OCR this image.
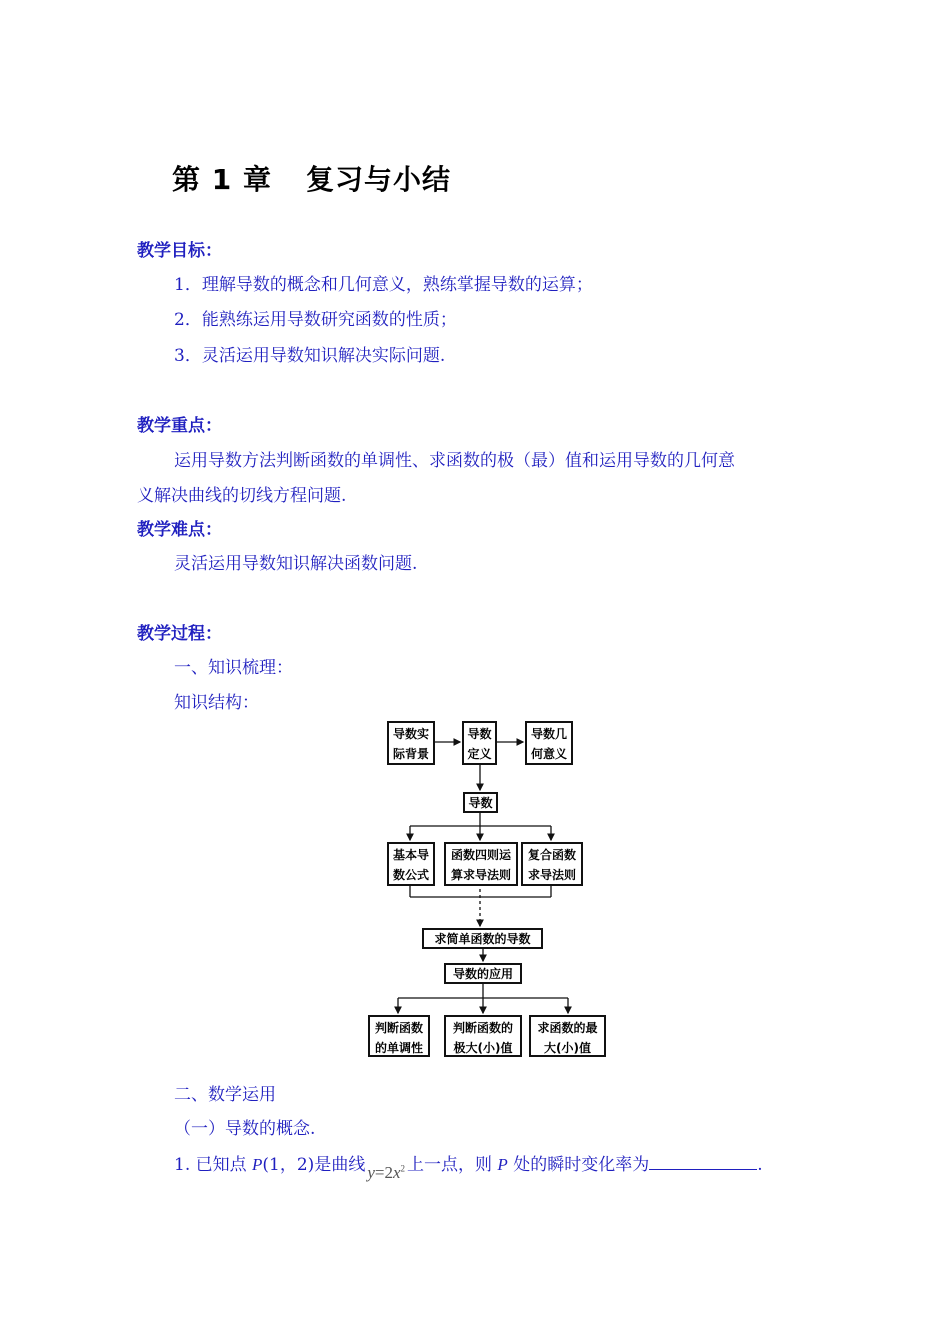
第 1 章 复习与小结
教学目标：
1．理解导数的概念和几何意义，熟练掌握导数的运算；
2．能熟练运用导数研究函数的性质；
3．灵活运用导数知识解决实际问题.
教学重点：
运用导数方法判断函数的单调性、求函数的极（最）值和运用导数的几何意
义解决曲线的切线方程问题.
教学难点：
灵活运用导数知识解决函数问题.
教学过程：
一、知识梳理：
知识结构：
导数实
际背景
导数
定义
导数几
何意义
导数
基本导
数公式
函数四则运
算求导法则
复合函数
求导法则
求简单函数的导数
导数的应用
判断函数
的单调性
判断函数的
极大(小)值
求函数的最
大(小)值
二、数学运用
（一）导数的概念.
1. 已知点 P(1，2)是曲线 $y=2x^2$ 上一点，则 P 处的瞬时变化率为	.
